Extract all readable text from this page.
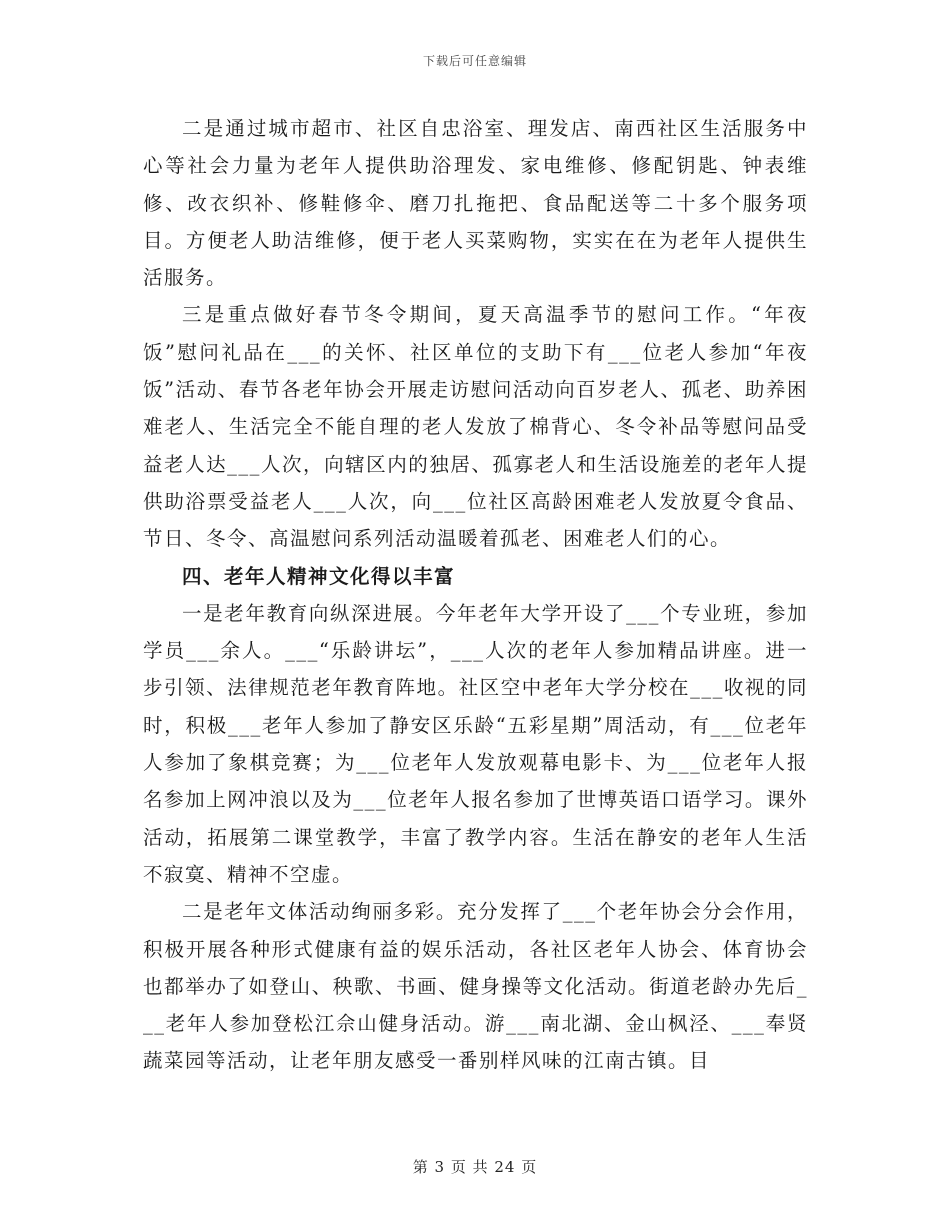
下载后可任意编辑

二是通过城市超市、社区自忠浴室、理发店、南西社区生活服务中心等社会力量为老年人提供助浴理发、家电维修、修配钥匙、钟表维修、改衣织补、修鞋修伞、磨刀扎拖把、食品配送等二十多个服务项目。方便老人助洁维修，便于老人买菜购物，实实在在为老年人提供生活服务。

三是重点做好春节冬令期间，夏天高温季节的慰问工作。“年夜饭”慰问礼品在___的关怀、社区单位的支助下有___位老人参加“年夜饭”活动、春节各老年协会开展走访慰问活动向百岁老人、孤老、助养困难老人、生活完全不能自理的老人发放了棉背心、冬令补品等慰问品受益老人达___人次，向辖区内的独居、孤寡老人和生活设施差的老年人提供助浴票受益老人___人次，向___位社区高龄困难老人发放夏令食品、节日、冬令、高温慰问系列活动温暖着孤老、困难老人们的心。

四、老年人精神文化得以丰富

一是老年教育向纵深进展。今年老年大学开设了___个专业班，参加学员___余人。___“乐龄讲坛”，___人次的老年人参加精品讲座。进一步引领、法律规范老年教育阵地。社区空中老年大学分校在___收视的同时，积极___老年人参加了静安区乐龄“五彩星期”周活动，有___位老年人参加了象棋竞赛；为___位老年人发放观幕电影卡、为___位老年人报名参加上网冲浪以及为___位老年人报名参加了世博英语口语学习。课外活动，拓展第二课堂教学，丰富了教学内容。生活在静安的老年人生活不寂寞、精神不空虚。

二是老年文体活动绚丽多彩。充分发挥了___个老年协会分会作用，积极开展各种形式健康有益的娱乐活动，各社区老年人协会、体育协会也都举办了如登山、秧歌、书画、健身操等文化活动。街道老龄办先后___老年人参加登松江佘山健身活动。游___南北湖、金山枫泾、___奉贤蔬菜园等活动，让老年朋友感受一番别样风味的江南古镇。目

第 3 页 共 24 页
